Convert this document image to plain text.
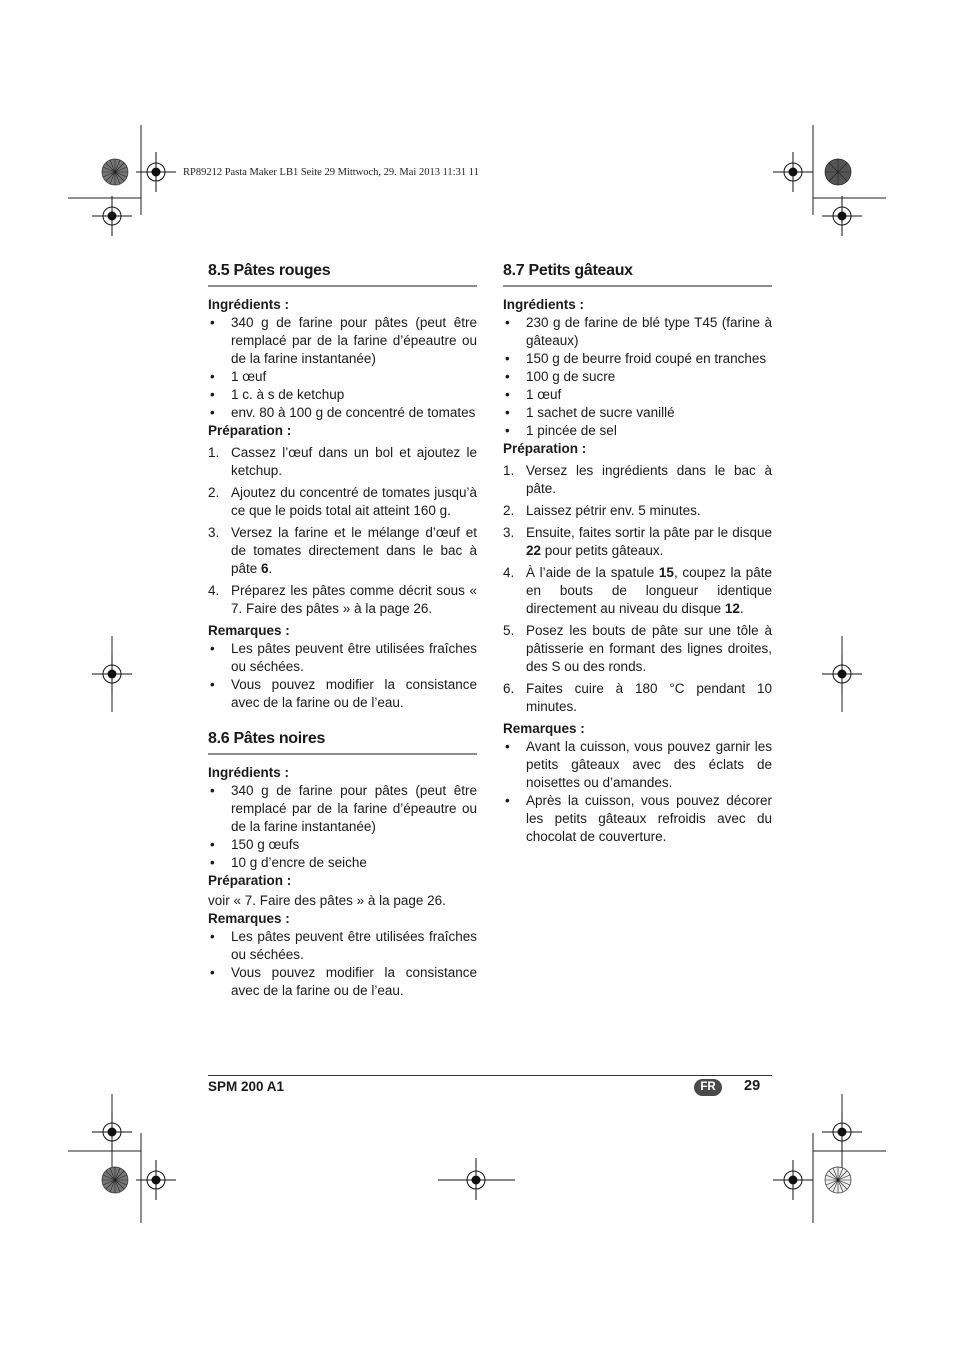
RP89212 Pasta Maker LB1 Seite 29 Mittwoch, 29. Mai 2013 11:31 11
8.5 Pâtes rouges

Ingrédients :

• 340 g de farine pour pâtes (peut être remplacé par de la farine d’épeautre ou de la farine instantanée)
• 1 œuf
• 1 c. à s de ketchup
• env. 80 à 100 g de concentré de tomates

Préparation :

1. Cassez l’œuf dans un bol et ajoutez le ketchup.
2. Ajoutez du concentré de tomates jusqu’à ce que le poids total ait atteint 160 g.
3. Versez la farine et le mélange d’œuf et de tomates directement dans le bac à pâte 6.
4. Préparez les pâtes comme décrit sous « 7. Faire des pâtes » à la page 26.

Remarques :

• Les pâtes peuvent être utilisées fraîches ou séchées.
• Vous pouvez modifier la consistance avec de la farine ou de l’eau.
8.6 Pâtes noires

Ingrédients :

• 340 g de farine pour pâtes (peut être remplacé par de la farine d’épeautre ou de la farine instantanée)
• 150 g œufs
• 10 g d’encre de seiche

Préparation :

voir « 7. Faire des pâtes » à la page 26.

Remarques :

• Les pâtes peuvent être utilisées fraîches ou séchées.
• Vous pouvez modifier la consistance avec de la farine ou de l’eau.
8.7 Petits gâteaux

Ingrédients :

• 230 g de farine de blé type T45 (farine à gâteaux)
• 150 g de beurre froid coupé en tranches
• 100 g de sucre
• 1 œuf
• 1 sachet de sucre vanillé
• 1 pincée de sel

Préparation :

1. Versez les ingrédients dans le bac à pâte.
2. Laissez pétrir env. 5 minutes.
3. Ensuite, faites sortir la pâte par le disque 22 pour petits gâteaux.
4. À l’aide de la spatule 15, coupez la pâte en bouts de longueur identique directement au niveau du disque 12.
5. Posez les bouts de pâte sur une tôle à pâtisserie en formant des lignes droites, des S ou des ronds.
6. Faites cuire à 180 °C pendant 10 minutes.

Remarques :

• Avant la cuisson, vous pouvez garnir les petits gâteaux avec des éclats de noisettes ou d’amandes.
• Après la cuisson, vous pouvez décorer les petits gâteaux refroidis avec du chocolat de couverture.
SPM 200 A1	FR	29
